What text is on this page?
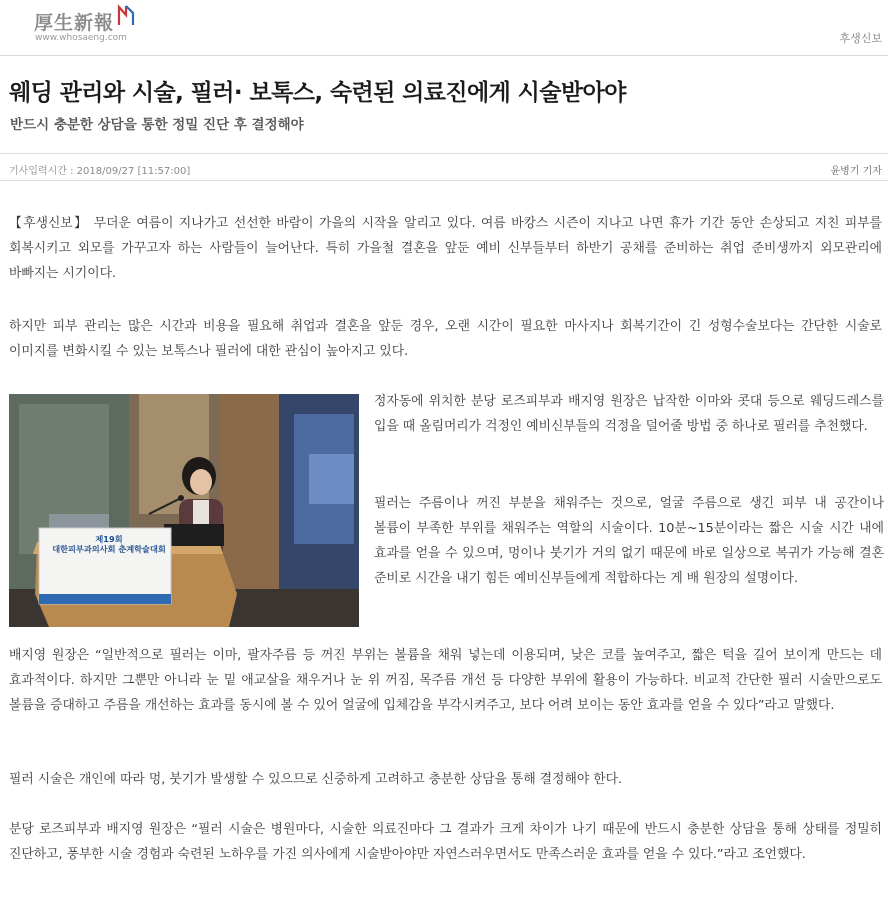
厚生新報
www.whosaeng.com	후생신보
웨딩 관리와 시술, 필러· 보톡스, 숙련된 의료진에게 시술받아야
반드시 충분한 상담을 통한 정밀 진단 후 결정해야
기사입력시간 : 2018/09/27 [11:57:00]	윤병기 기자

【후생신보】 무더운 여름이 지나가고 선선한 바람이 가을의 시작을 알리고 있다. 여름 바캉스 시즌이 지나고 나면 휴가 기간 동안 손상되고 지친 피부를 회복시키고 외모를 가꾸고자 하는 사람들이 늘어난다. 특히 가을철 결혼을 앞둔 예비 신부들부터 하반기 공채를 준비하는 취업 준비생까지 외모관리에 바빠지는 시기이다.

하지만 피부 관리는 많은 시간과 비용을 필요해 취업과 결혼을 앞둔 경우, 오랜 시간이 필요한 마사지나 회복기간이 긴 성형수술보다는 간단한 시술로 이미지를 변화시킬 수 있는 보톡스나 필러에 대한 관심이 높아지고 있다.

제19회
대한피부과의사회 춘계학술대회

정자동에 위치한 분당 로즈피부과 배지영 원장은 납작한 이마와 콧대 등으로 웨딩드레스를 입을 때 올림머리가 걱정인 예비신부들의 걱정을 덜어줄 방법 중 하나로 필러를 추천했다.

필러는 주름이나 꺼진 부분을 채워주는 것으로, 얼굴 주름으로 생긴 피부 내 공간이나 볼륨이 부족한 부위를 채워주는 역할의 시술이다. 10분~15분이라는 짧은 시술 시간 내에 효과를 얻을 수 있으며, 멍이나 붓기가 거의 없기 때문에 바로 일상으로 복귀가 가능해 결혼 준비로 시간을 내기 힘든 예비신부들에게 적합하다는 게 배 원장의 설명이다.

배지영 원장은 “일반적으로 필러는 이마, 팔자주름 등 꺼진 부위는 볼륨을 채워 넣는데 이용되며, 낮은 코를 높여주고, 짧은 턱을 길어 보이게 만드는 데 효과적이다. 하지만 그뿐만 아니라 눈 밑 애교살을 채우거나 눈 위 꺼짐, 목주름 개선 등 다양한 부위에 활용이 가능하다. 비교적 간단한 필러 시술만으로도 볼륨을 증대하고 주름을 개선하는 효과를 동시에 볼 수 있어 얼굴에 입체감을 부각시켜주고, 보다 어려 보이는 동안 효과를 얻을 수 있다”라고 말했다.

필러 시술은 개인에 따라 멍, 붓기가 발생할 수 있으므로 신중하게 고려하고 충분한 상담을 통해 결정해야 한다.

분당 로즈피부과 배지영 원장은 “필러 시술은 병원마다, 시술한 의료진마다 그 결과가 크게 차이가 나기 때문에 반드시 충분한 상담을 통해 상태를 정밀히 진단하고, 풍부한 시술 경험과 숙련된 노하우를 가진 의사에게 시술받아야만 자연스러우면서도 만족스러운 효과를 얻을 수 있다.”라고 조언했다.
